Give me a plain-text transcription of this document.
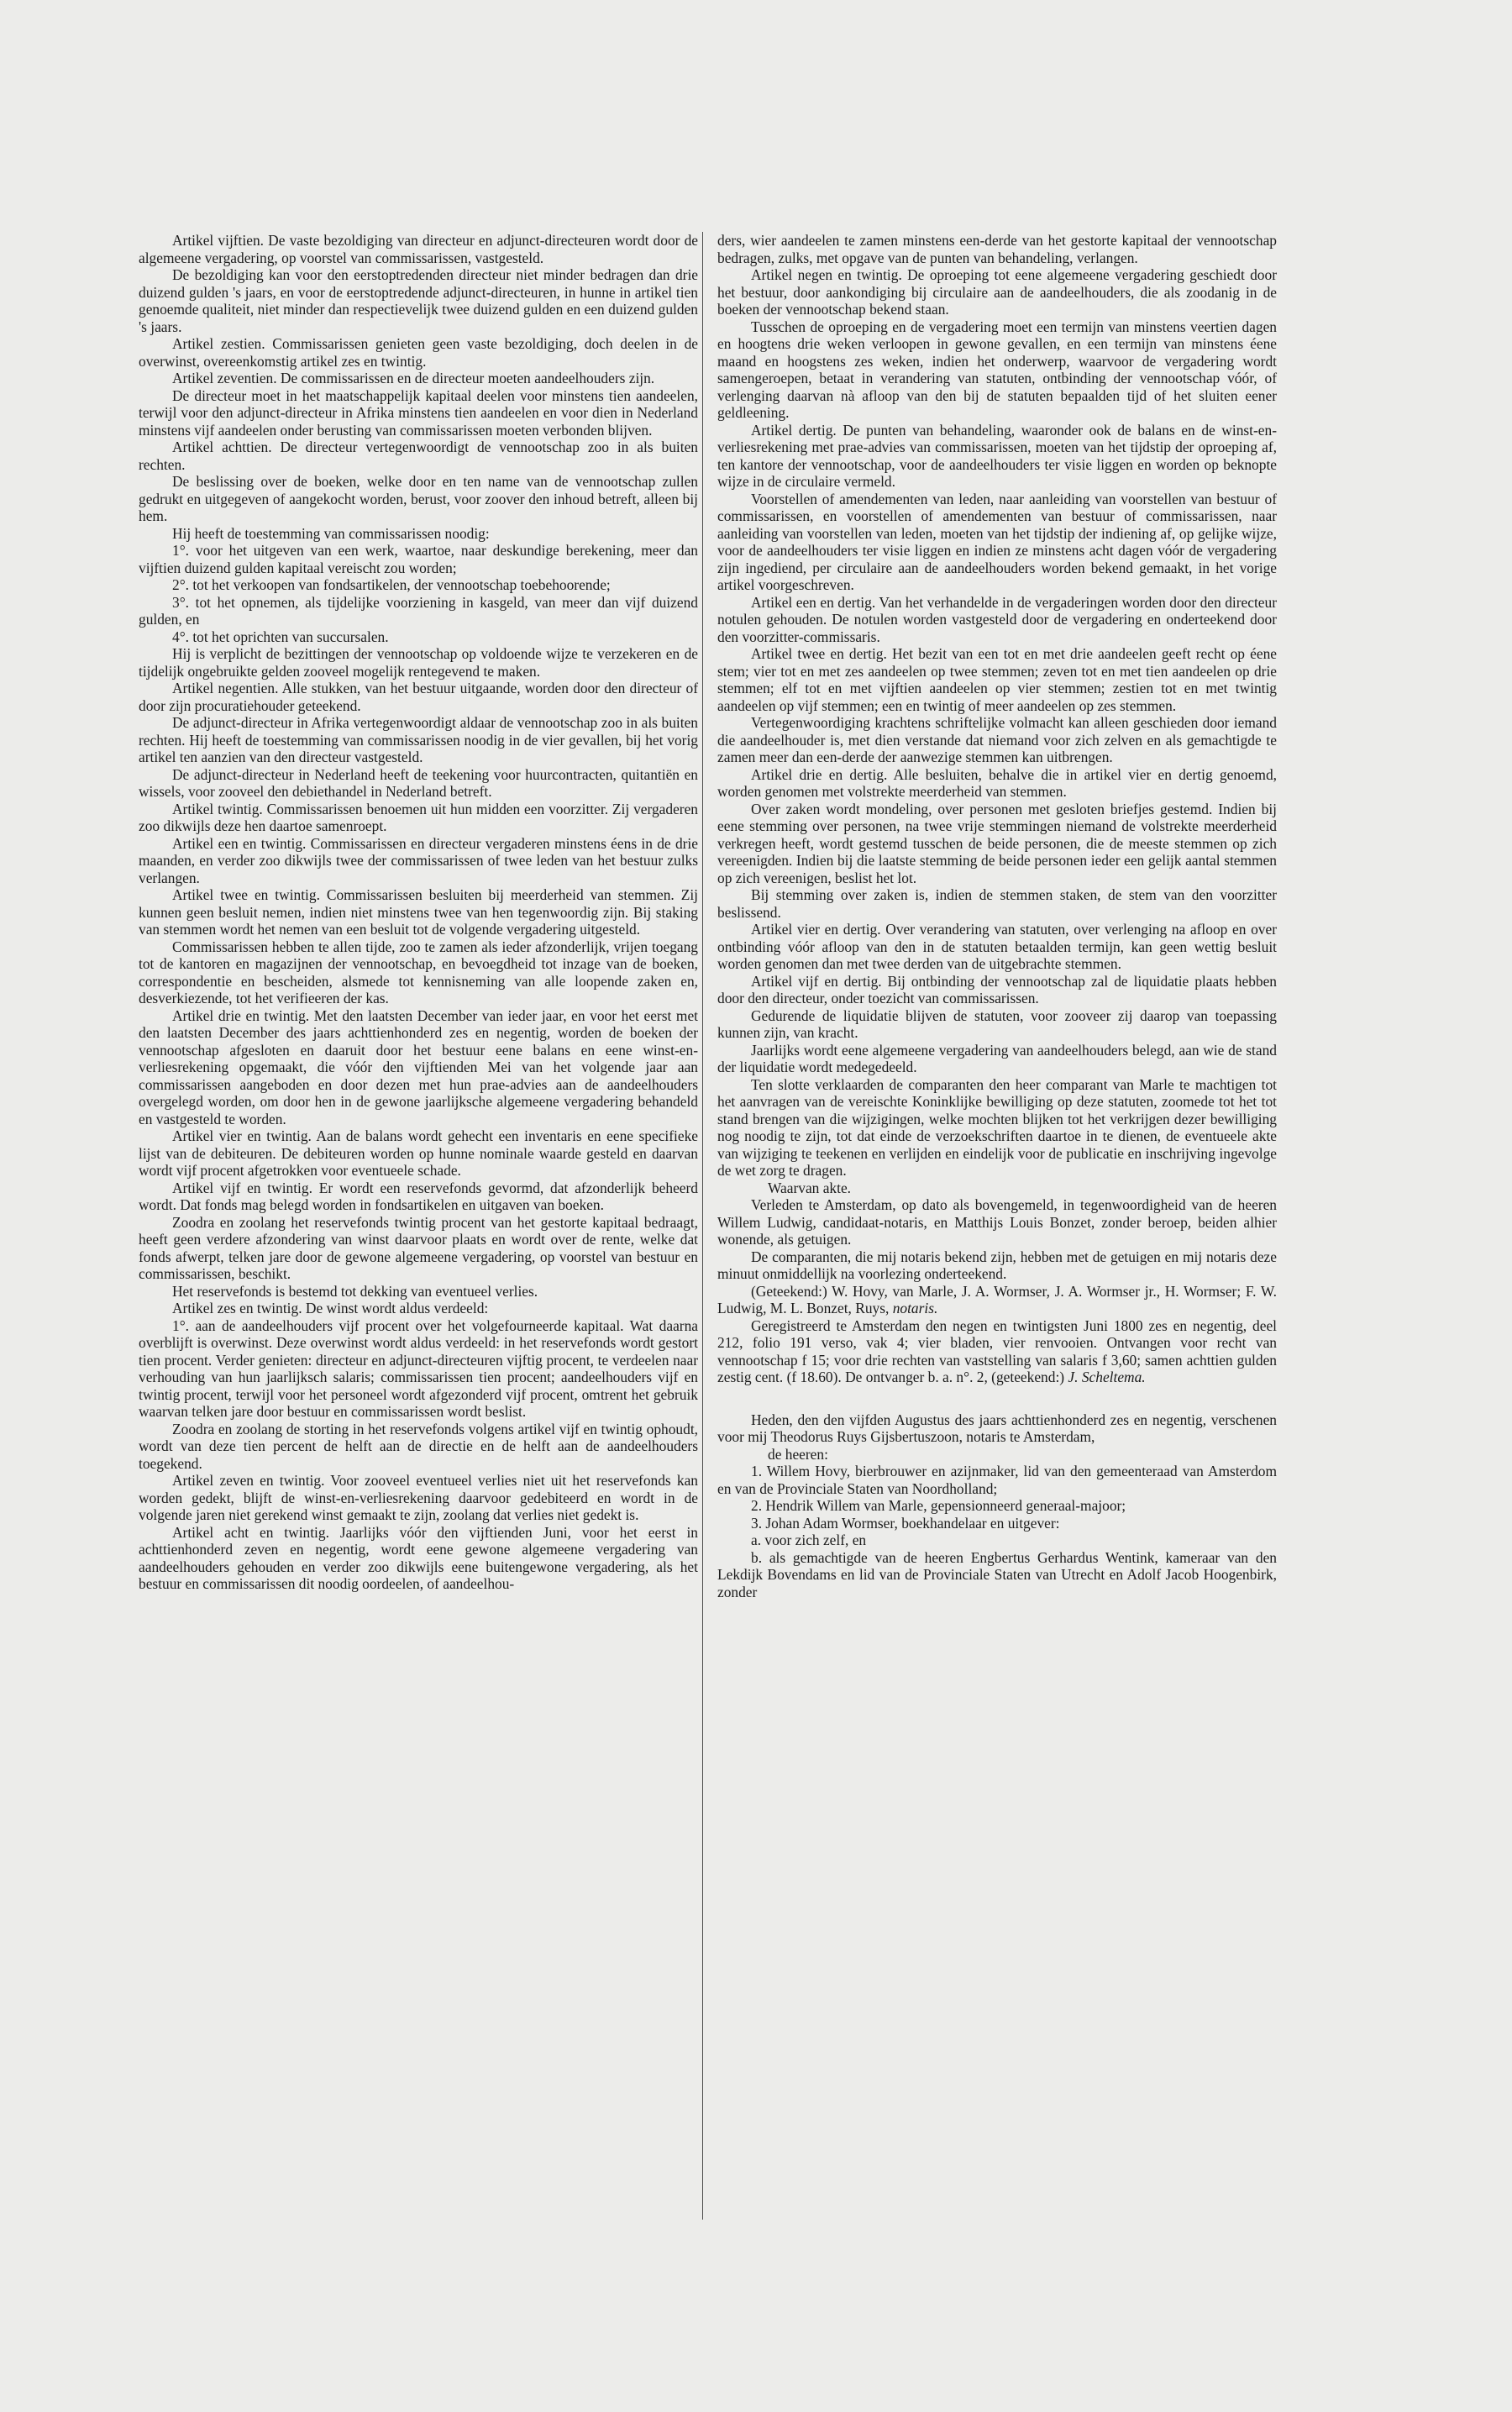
Artikel vijftien. De vaste bezoldiging van directeur en adjunct-directeuren wordt door de algemeene vergadering, op voorstel van commissarissen, vastgesteld.

De bezoldiging kan voor den eerstoptredenden directeur niet minder bedragen dan drie duizend gulden 's jaars, en voor de eerstoptredende adjunct-directeuren, in hunne in artikel tien genoemde qualiteit, niet minder dan respectievelijk twee duizend gulden en een duizend gulden 's jaars.

Artikel zestien. Commissarissen genieten geen vaste bezoldiging, doch deelen in de overwinst, overeenkomstig artikel zes en twintig.

Artikel zeventien. De commissarissen en de directeur moeten aandeelhouders zijn.

De directeur moet in het maatschappelijk kapitaal deelen voor minstens tien aandeelen, terwijl voor den adjunct-directeur in Afrika minstens tien aandeelen en voor dien in Nederland minstens vijf aandeelen onder berusting van commissarissen moeten verbonden blijven.

Artikel achttien. De directeur vertegenwoordigt de vennootschap zoo in als buiten rechten.

De beslissing over de boeken, welke door en ten name van de vennootschap zullen gedrukt en uitgegeven of aangekocht worden, berust, voor zoover den inhoud betreft, alleen bij hem.

Hij heeft de toestemming van commissarissen noodig:

1°. voor het uitgeven van een werk, waartoe, naar deskundige berekening, meer dan vijftien duizend gulden kapitaal vereischt zou worden;

2°. tot het verkoopen van fondsartikelen, der vennootschap toebehoorende;

3°. tot het opnemen, als tijdelijke voorziening in kasgeld, van meer dan vijf duizend gulden, en

4°. tot het oprichten van succursalen.

Hij is verplicht de bezittingen der vennootschap op voldoende wijze te verzekeren en de tijdelijk ongebruikte gelden zooveel mogelijk rentegevend te maken.

Artikel negentien. Alle stukken, van het bestuur uitgaande, worden door den directeur of door zijn procuratiehouder geteekend.

De adjunct-directeur in Afrika vertegenwoordigt aldaar de vennootschap zoo in als buiten rechten. Hij heeft de toestemming van commissarissen noodig in de vier gevallen, bij het vorig artikel ten aanzien van den directeur vastgesteld.

De adjunct-directeur in Nederland heeft de teekening voor huurcontracten, quitantiën en wissels, voor zooveel den debiethandel in Nederland betreft.

Artikel twintig. Commissarissen benoemen uit hun midden een voorzitter. Zij vergaderen zoo dikwijls deze hen daartoe samenroept.

Artikel een en twintig. Commissarissen en directeur vergaderen minstens éens in de drie maanden, en verder zoo dikwijls twee der commissarissen of twee leden van het bestuur zulks verlangen.

Artikel twee en twintig. Commissarissen besluiten bij meerderheid van stemmen. Zij kunnen geen besluit nemen, indien niet minstens twee van hen tegenwoordig zijn. Bij staking van stemmen wordt het nemen van een besluit tot de volgende vergadering uitgesteld.

Commissarissen hebben te allen tijde, zoo te zamen als ieder afzonderlijk, vrijen toegang tot de kantoren en magazijnen der vennootschap, en bevoegdheid tot inzage van de boeken, correspondentie en bescheiden, alsmede tot kennisneming van alle loopende zaken en, desverkiezende, tot het verifieeren der kas.

Artikel drie en twintig. Met den laatsten December van ieder jaar, en voor het eerst met den laatsten December des jaars achttienhonderd zes en negentig, worden de boeken der vennootschap afgesloten en daaruit door het bestuur eene balans en eene winst-en-verliesrekening opgemaakt, die vóór den vijftienden Mei van het volgende jaar aan commissarissen aangeboden en door dezen met hun prae-advies aan de aandeelhouders overgelegd worden, om door hen in de gewone jaarlijksche algemeene vergadering behandeld en vastgesteld te worden.

Artikel vier en twintig. Aan de balans wordt gehecht een inventaris en eene specifieke lijst van de debiteuren. De debiteuren worden op hunne nominale waarde gesteld en daarvan wordt vijf procent afgetrokken voor eventueele schade.

Artikel vijf en twintig. Er wordt een reservefonds gevormd, dat afzonderlijk beheerd wordt. Dat fonds mag belegd worden in fondsartikelen en uitgaven van boeken.

Zoodra en zoolang het reservefonds twintig procent van het gestorte kapitaal bedraagt, heeft geen verdere afzondering van winst daarvoor plaats en wordt over de rente, welke dat fonds afwerpt, telken jare door de gewone algemeene vergadering, op voorstel van bestuur en commissarissen, beschikt.

Het reservefonds is bestemd tot dekking van eventueel verlies.

Artikel zes en twintig. De winst wordt aldus verdeeld:

1°. aan de aandeelhouders vijf procent over het volgefourneerde kapitaal. Wat daarna overblijft is overwinst. Deze overwinst wordt aldus verdeeld: in het reservefonds wordt gestort tien procent. Verder genieten: directeur en adjunct-directeuren vijftig procent, te verdeelen naar verhouding van hun jaarlijksch salaris; commissarissen tien procent; aandeelhouders vijf en twintig procent, terwijl voor het personeel wordt afgezonderd vijf procent, omtrent het gebruik waarvan telken jare door bestuur en commissarissen wordt beslist.

Zoodra en zoolang de storting in het reservefonds volgens artikel vijf en twintig ophoudt, wordt van deze tien percent de helft aan de directie en de helft aan de aandeelhouders toegekend.

Artikel zeven en twintig. Voor zooveel eventueel verlies niet uit het reservefonds kan worden gedekt, blijft de winst-en-verliesrekening daarvoor gedebiteerd en wordt in de volgende jaren niet gerekend winst gemaakt te zijn, zoolang dat verlies niet gedekt is.

Artikel acht en twintig. Jaarlijks vóór den vijftienden Juni, voor het eerst in achttienhonderd zeven en negentig, wordt eene gewone algemeene vergadering van aandeelhouders gehouden en verder zoo dikwijls eene buitengewone vergadering, als het bestuur en commissarissen dit noodig oordeelen, of aandeelhou-

ders, wier aandeelen te zamen minstens een-derde van het gestorte kapitaal der vennootschap bedragen, zulks, met opgave van de punten van behandeling, verlangen.

Artikel negen en twintig. De oproeping tot eene algemeene vergadering geschiedt door het bestuur, door aankondiging bij circulaire aan de aandeelhouders, die als zoodanig in de boeken der vennootschap bekend staan.

Tusschen de oproeping en de vergadering moet een termijn van minstens veertien dagen en hoogtens drie weken verloopen in gewone gevallen, en een termijn van minstens éene maand en hoogstens zes weken, indien het onderwerp, waarvoor de vergadering wordt samengeroepen, betaat in verandering van statuten, ontbinding der vennootschap vóór, of verlenging daarvan nà afloop van den bij de statuten bepaalden tijd of het sluiten eener geldleening.

Artikel dertig. De punten van behandeling, waaronder ook de balans en de winst-en-verliesrekening met prae-advies van commissarissen, moeten van het tijdstip der oproeping af, ten kantore der vennootschap, voor de aandeelhouders ter visie liggen en worden op beknopte wijze in de circulaire vermeld.

Voorstellen of amendementen van leden, naar aanleiding van voorstellen van bestuur of commissarissen, en voorstellen of amendementen van bestuur of commissarissen, naar aanleiding van voorstellen van leden, moeten van het tijdstip der indiening af, op gelijke wijze, voor de aandeelhouders ter visie liggen en indien ze minstens acht dagen vóór de vergadering zijn ingediend, per circulaire aan de aandeelhouders worden bekend gemaakt, in het vorige artikel voorgeschreven.

Artikel een en dertig. Van het verhandelde in de vergaderingen worden door den directeur notulen gehouden. De notulen worden vastgesteld door de vergadering en onderteekend door den voorzitter-commissaris.

Artikel twee en dertig. Het bezit van een tot en met drie aandeelen geeft recht op éene stem; vier tot en met zes aandeelen op twee stemmen; zeven tot en met tien aandeelen op drie stemmen; elf tot en met vijftien aandeelen op vier stemmen; zestien tot en met twintig aandeelen op vijf stemmen; een en twintig of meer aandeelen op zes stemmen.

Vertegenwoordiging krachtens schriftelijke volmacht kan alleen geschieden door iemand die aandeelhouder is, met dien verstande dat niemand voor zich zelven en als gemachtigde te zamen meer dan een-derde der aanwezige stemmen kan uitbrengen.

Artikel drie en dertig. Alle besluiten, behalve die in artikel vier en dertig genoemd, worden genomen met volstrekte meerderheid van stemmen.

Over zaken wordt mondeling, over personen met gesloten briefjes gestemd. Indien bij eene stemming over personen, na twee vrije stemmingen niemand de volstrekte meerderheid verkregen heeft, wordt gestemd tusschen de beide personen, die de meeste stemmen op zich vereenigden. Indien bij die laatste stemming de beide personen ieder een gelijk aantal stemmen op zich vereenigen, beslist het lot.

Bij stemming over zaken is, indien de stemmen staken, de stem van den voorzitter beslissend.

Artikel vier en dertig. Over verandering van statuten, over verlenging na afloop en over ontbinding vóór afloop van den in de statuten betaalden termijn, kan geen wettig besluit worden genomen dan met twee derden van de uitgebrachte stemmen.

Artikel vijf en dertig. Bij ontbinding der vennootschap zal de liquidatie plaats hebben door den directeur, onder toezicht van commissarissen.

Gedurende de liquidatie blijven de statuten, voor zooveer zij daarop van toepassing kunnen zijn, van kracht.

Jaarlijks wordt eene algemeene vergadering van aandeelhouders belegd, aan wie de stand der liquidatie wordt medegedeeld.

Ten slotte verklaarden de comparanten den heer comparant van Marle te machtigen tot het aanvragen van de vereischte Koninklijke bewilliging op deze statuten, zoomede tot het tot stand brengen van die wijzigingen, welke mochten blijken tot het verkrijgen dezer bewilliging nog noodig te zijn, tot dat einde de verzoekschriften daartoe in te dienen, de eventueele akte van wijziging te teekenen en verlijden en eindelijk voor de publicatie en inschrijving ingevolge de wet zorg te dragen.

Waarvan akte.

Verleden te Amsterdam, op dato als bovengemeld, in tegenwoordigheid van de heeren Willem Ludwig, candidaat-notaris, en Matthijs Louis Bonzet, zonder beroep, beiden alhier wonende, als getuigen.

De comparanten, die mij notaris bekend zijn, hebben met de getuigen en mij notaris deze minuut onmiddellijk na voorlezing onderteekend.

(Geteekend:) W. Hovy, van Marle, J. A. Wormser, J. A. Wormser jr., H. Wormser; F. W. Ludwig, M. L. Bonzet, Ruys, notaris.

Geregistreerd te Amsterdam den negen en twintigsten Juni 1800 zes en negentig, deel 212, folio 191 verso, vak 4; vier bladen, vier renvooien. Ontvangen voor recht van vennootschap f 15; voor drie rechten van vaststelling van salaris f 3,60; samen achttien gulden zestig cent. (f 18.60). De ontvanger b. a. n°. 2, (geteekend:) J. Scheltema.

Heden, den den vijfden Augustus des jaars achttienhonderd zes en negentig, verschenen voor mij Theodorus Ruys Gijsbertuszoon, notaris te Amsterdam,

de heeren:

1. Willem Hovy, bierbrouwer en azijnmaker, lid van den gemeenteraad van Amsterdom en van de Provinciale Staten van Noordholland;

2. Hendrik Willem van Marle, gepensionneerd generaal-majoor;

3. Johan Adam Wormser, boekhandelaar en uitgever:

a. voor zich zelf, en

b. als gemachtigde van de heeren Engbertus Gerhardus Wentink, kameraar van den Lekdijk Bovendams en lid van de Provinciale Staten van Utrecht en Adolf Jacob Hoogenbirk, zonder
